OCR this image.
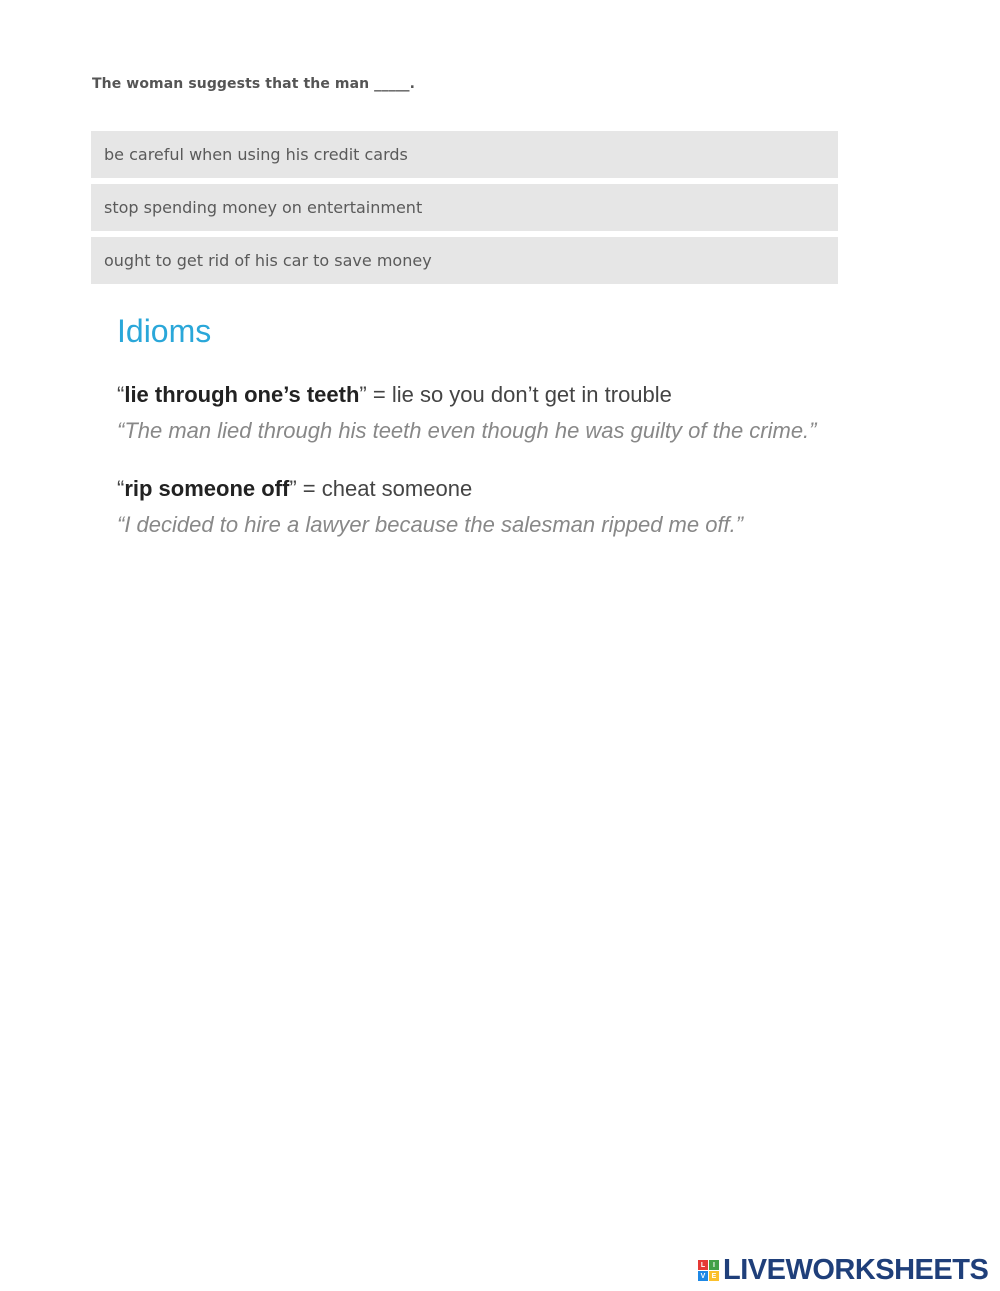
The woman suggests that the man _____.
be careful when using his credit cards
stop spending money on entertainment
ought to get rid of his car to save money
Idioms
“lie through one’s teeth” = lie so you don’t get in trouble
“The man lied through his teeth even though he was guilty of the crime.”
“rip someone off” = cheat someone
“I decided to hire a lawyer because the salesman ripped me off.”
L	I
V E LIVEWORKSHEETS
